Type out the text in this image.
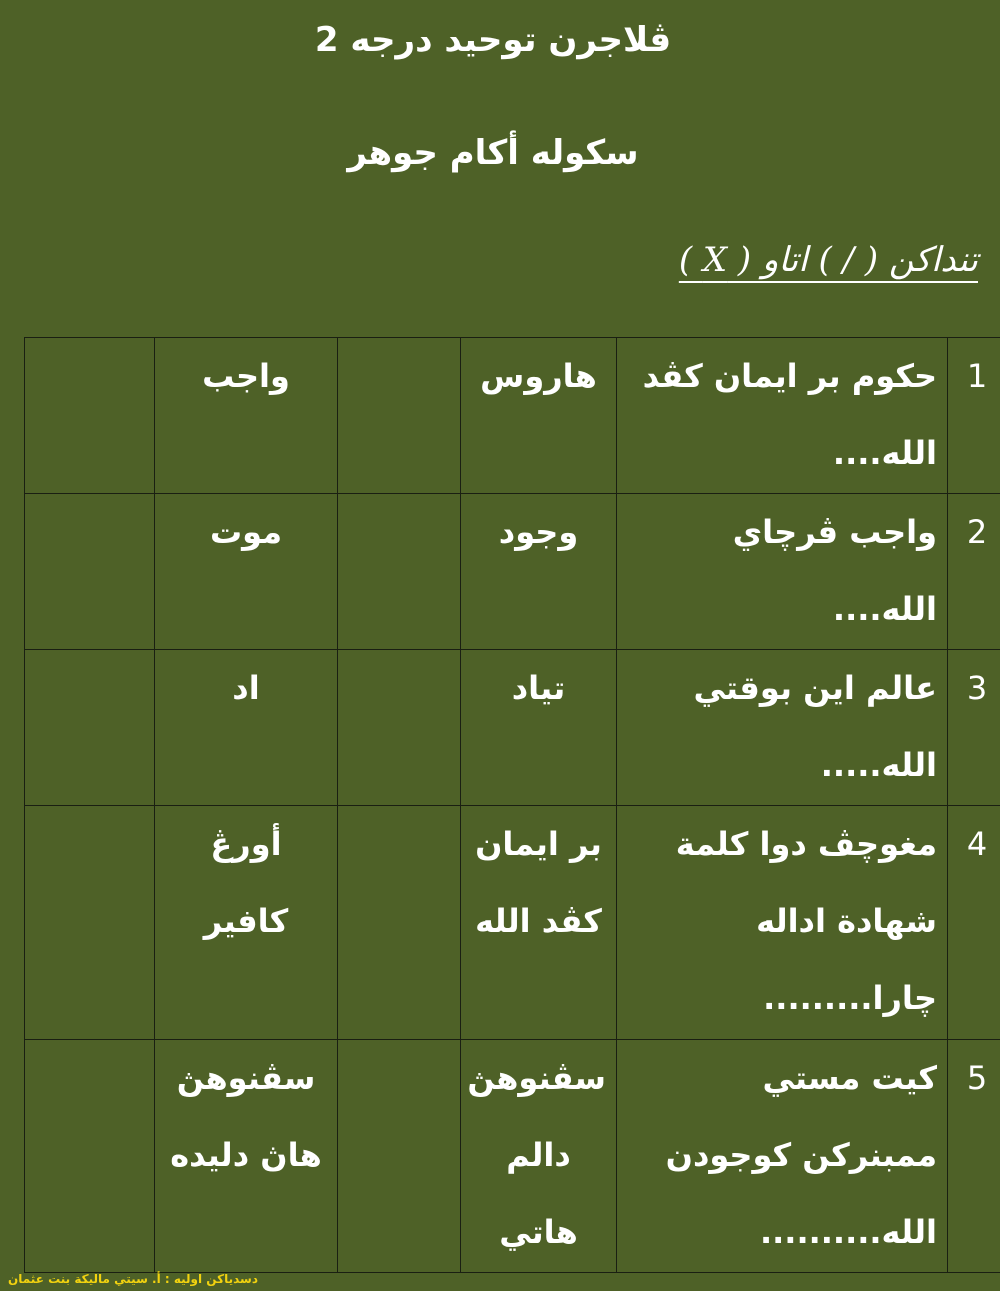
ڤلاجرن توحيد درجه 2
سكوله أكام جوهر
تنداكن ( / ) اتاو ( X )
1	حكوم بر ايمان كڤد الله....	هاروس		واجب	
2	واجب ڤرچاي الله....	وجود		موت	
3	عالم اين بوقتي الله.....	تياد		اد	
4	مغوچڤ دوا كلمة شهادة اداله چارا.........	بر ايمان كڤد الله		أورڠ كافير	
5	كيت مستي ممبنركن كوجودن الله..........	سڤنوهڽ دالم هاتي		سڤنوهڽ هاڽ دليده	
دسدياكن اوليه : أ. سيتي ماليكة بنت عثمان
